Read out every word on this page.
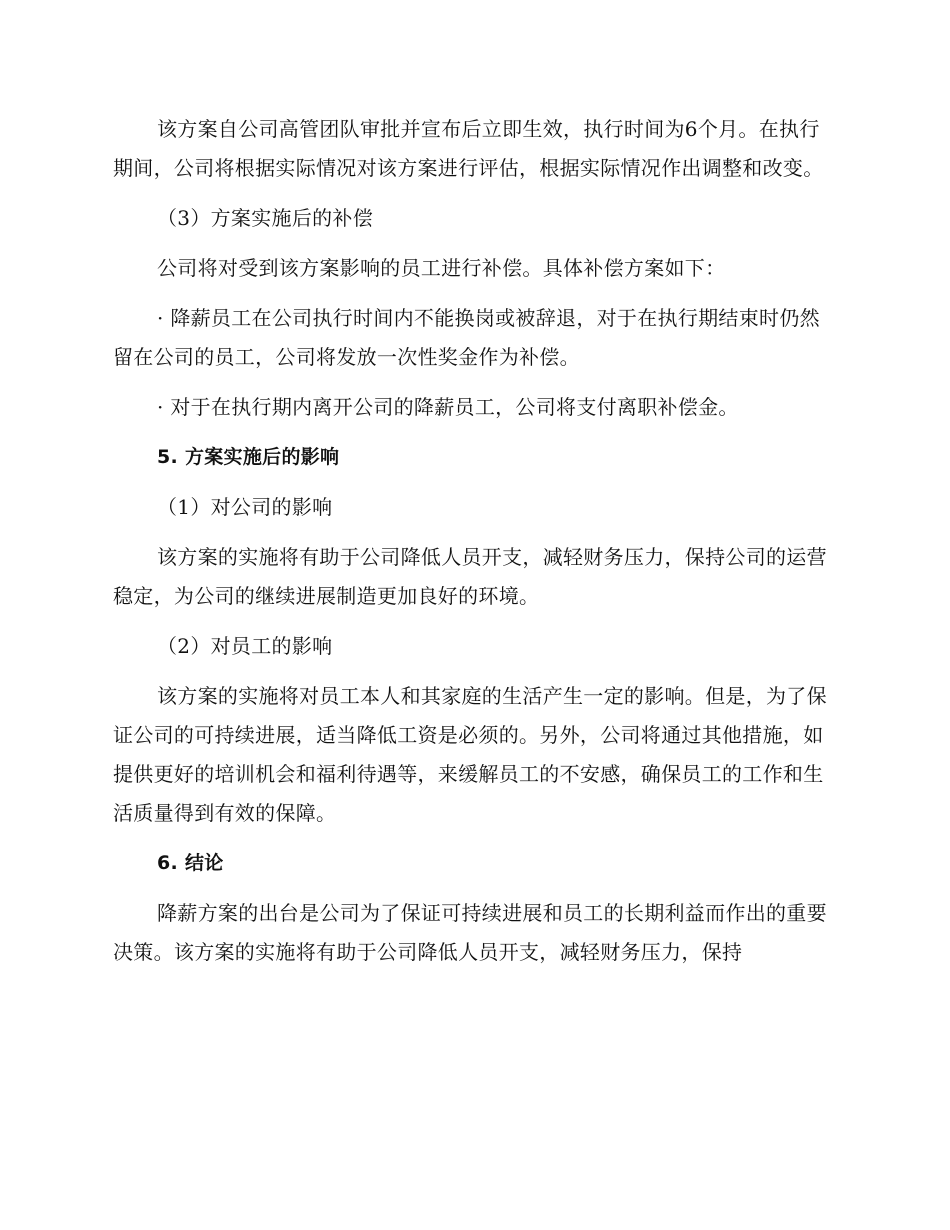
该方案自公司高管团队审批并宣布后立即生效，执行时间为6个月。在执行期间，公司将根据实际情况对该方案进行评估，根据实际情况作出调整和改变。

（3）方案实施后的补偿

公司将对受到该方案影响的员工进行补偿。具体补偿方案如下：

· 降薪员工在公司执行时间内不能换岗或被辞退，对于在执行期结束时仍然留在公司的员工，公司将发放一次性奖金作为补偿。

· 对于在执行期内离开公司的降薪员工，公司将支付离职补偿金。

5. 方案实施后的影响

（1）对公司的影响

该方案的实施将有助于公司降低人员开支，减轻财务压力，保持公司的运营稳定，为公司的继续进展制造更加良好的环境。

（2）对员工的影响

该方案的实施将对员工本人和其家庭的生活产生一定的影响。但是，为了保证公司的可持续进展，适当降低工资是必须的。另外，公司将通过其他措施，如提供更好的培训机会和福利待遇等，来缓解员工的不安感，确保员工的工作和生活质量得到有效的保障。

6. 结论

降薪方案的出台是公司为了保证可持续进展和员工的长期利益而作出的重要决策。该方案的实施将有助于公司降低人员开支，减轻财务压力，保持
